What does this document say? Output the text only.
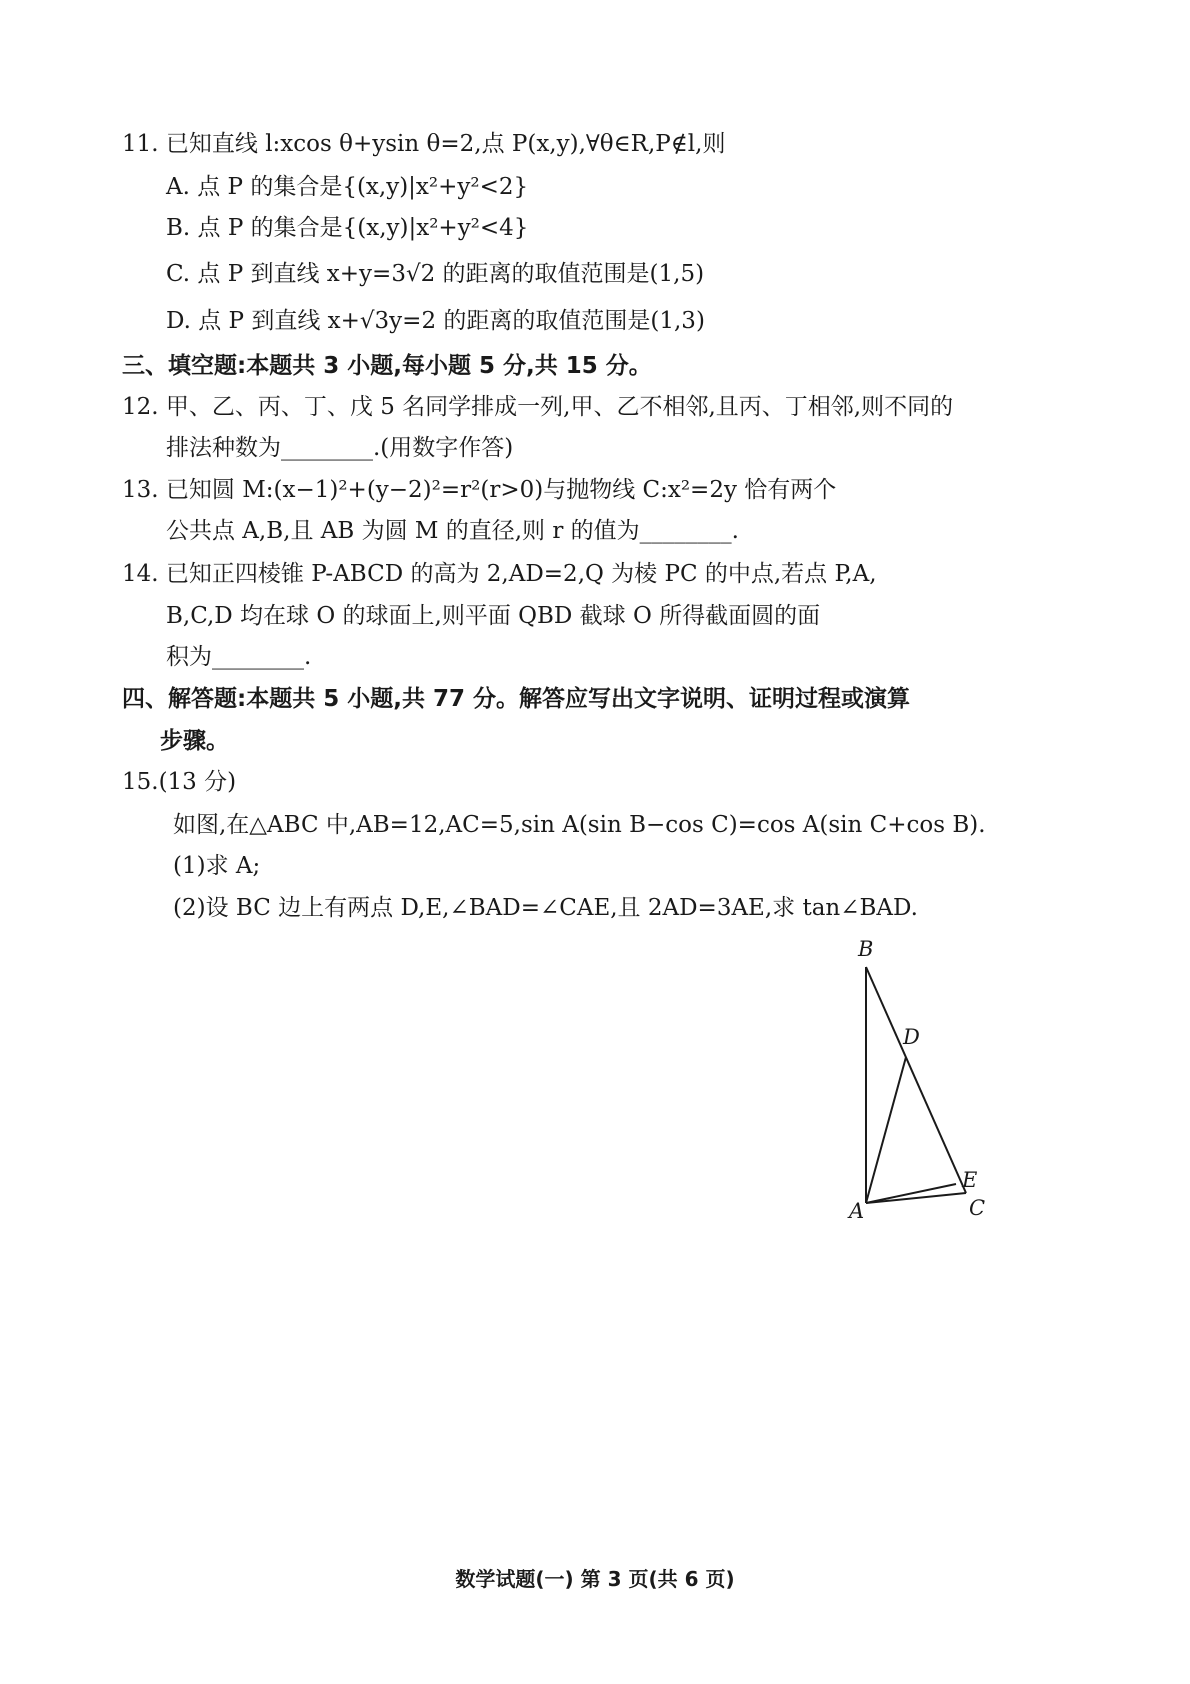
11. 已知直线 l:xcos θ+ysin θ=2,点 P(x,y),∀θ∈R,P∉l,则
A. 点 P 的集合是{(x,y)|x²+y²<2}
B. 点 P 的集合是{(x,y)|x²+y²<4}
C. 点 P 到直线 x+y=3√2 的距离的取值范围是(1,5)
D. 点 P 到直线 x+√3y=2 的距离的取值范围是(1,3)
三、填空题:本题共 3 小题,每小题 5 分,共 15 分。
12. 甲、乙、丙、丁、戊 5 名同学排成一列,甲、乙不相邻,且丙、丁相邻,则不同的
排法种数为________.(用数字作答)
13. 已知圆 M:(x−1)²+(y−2)²=r²(r>0)与抛物线 C:x²=2y 恰有两个
公共点 A,B,且 AB 为圆 M 的直径,则 r 的值为________.
14. 已知正四棱锥 P-ABCD 的高为 2,AD=2,Q 为棱 PC 的中点,若点 P,A,
B,C,D 均在球 O 的球面上,则平面 QBD 截球 O 所得截面圆的面
积为________.
四、解答题:本题共 5 小题,共 77 分。解答应写出文字说明、证明过程或演算
步骤。
15.(13 分)
如图,在△ABC 中,AB=12,AC=5,sin A(sin B−cos C)=cos A(sin C+cos B).
(1)求 A;
(2)设 BC 边上有两点 D,E,∠BAD=∠CAE,且 2AD=3AE,求 tan∠BAD.
B
D
E
A	C
数学试题(一) 第 3 页(共 6 页)
